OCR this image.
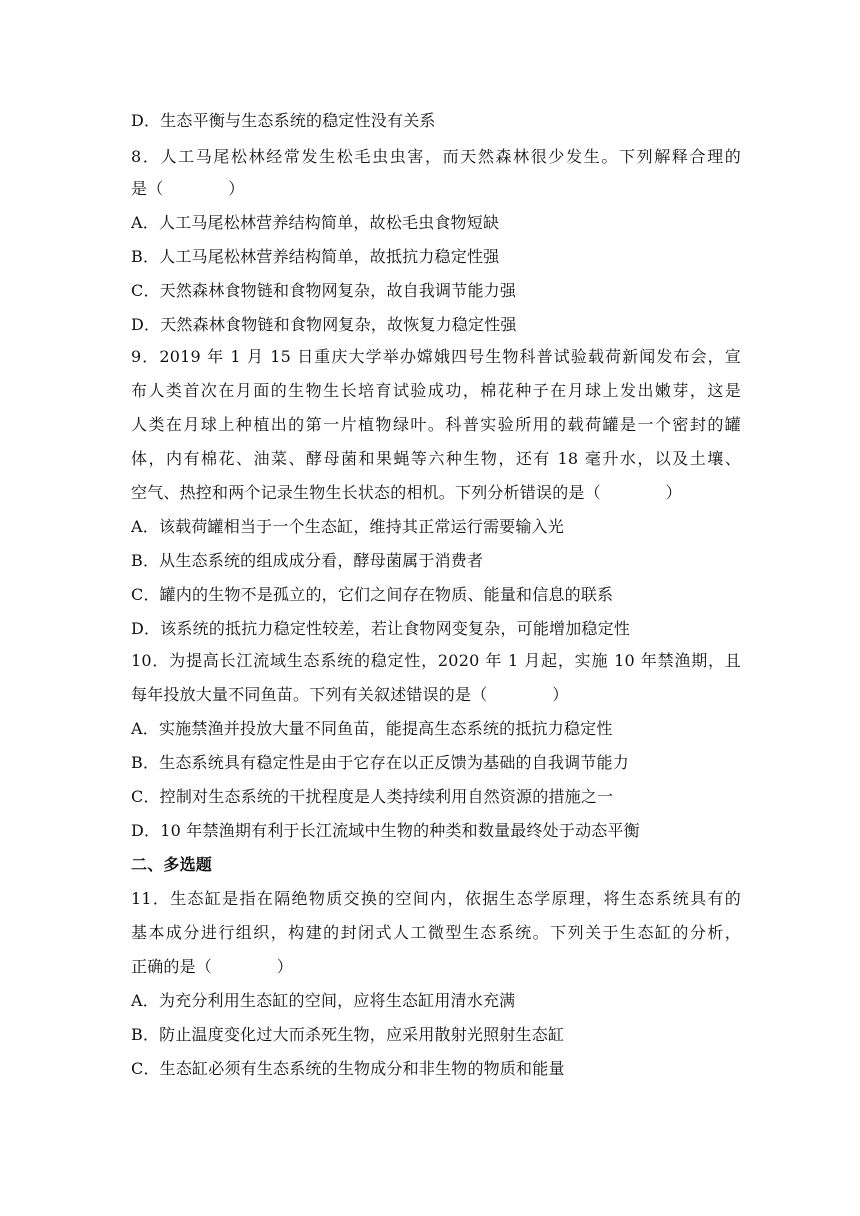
D．生态平衡与生态系统的稳定性没有关系
8．人工马尾松林经常发生松毛虫虫害，而天然森林很少发生。下列解释合理的
是（　　　　）
A．人工马尾松林营养结构简单，故松毛虫食物短缺
B．人工马尾松林营养结构简单，故抵抗力稳定性强
C．天然森林食物链和食物网复杂，故自我调节能力强
D．天然森林食物链和食物网复杂，故恢复力稳定性强
9．2019 年 1 月 15 日重庆大学举办嫦娥四号生物科普试验载荷新闻发布会，宣
布人类首次在月面的生物生长培育试验成功，棉花种子在月球上发出嫩芽，这是
人类在月球上种植出的第一片植物绿叶。科普实验所用的载荷罐是一个密封的罐
体，内有棉花、油菜、酵母菌和果蝇等六种生物，还有 18 毫升水，以及土壤、
空气、热控和两个记录生物生长状态的相机。下列分析错误的是（　　　　）
A．该载荷罐相当于一个生态缸，维持其正常运行需要输入光
B．从生态系统的组成成分看，酵母菌属于消费者
C．罐内的生物不是孤立的，它们之间存在物质、能量和信息的联系
D．该系统的抵抗力稳定性较差，若让食物网变复杂，可能增加稳定性
10．为提高长江流域生态系统的稳定性，2020 年 1 月起，实施 10 年禁渔期，且
每年投放大量不同鱼苗。下列有关叙述错误的是（　　　　）
A．实施禁渔并投放大量不同鱼苗，能提高生态系统的抵抗力稳定性
B．生态系统具有稳定性是由于它存在以正反馈为基础的自我调节能力
C．控制对生态系统的干扰程度是人类持续利用自然资源的措施之一
D．10 年禁渔期有利于长江流域中生物的种类和数量最终处于动态平衡
二、多选题
11．生态缸是指在隔绝物质交换的空间内，依据生态学原理，将生态系统具有的
基本成分进行组织，构建的封闭式人工微型生态系统。下列关于生态缸的分析，
正确的是（　　　　）
A．为充分利用生态缸的空间，应将生态缸用清水充满
B．防止温度变化过大而杀死生物，应采用散射光照射生态缸
C．生态缸必须有生态系统的生物成分和非生物的物质和能量
